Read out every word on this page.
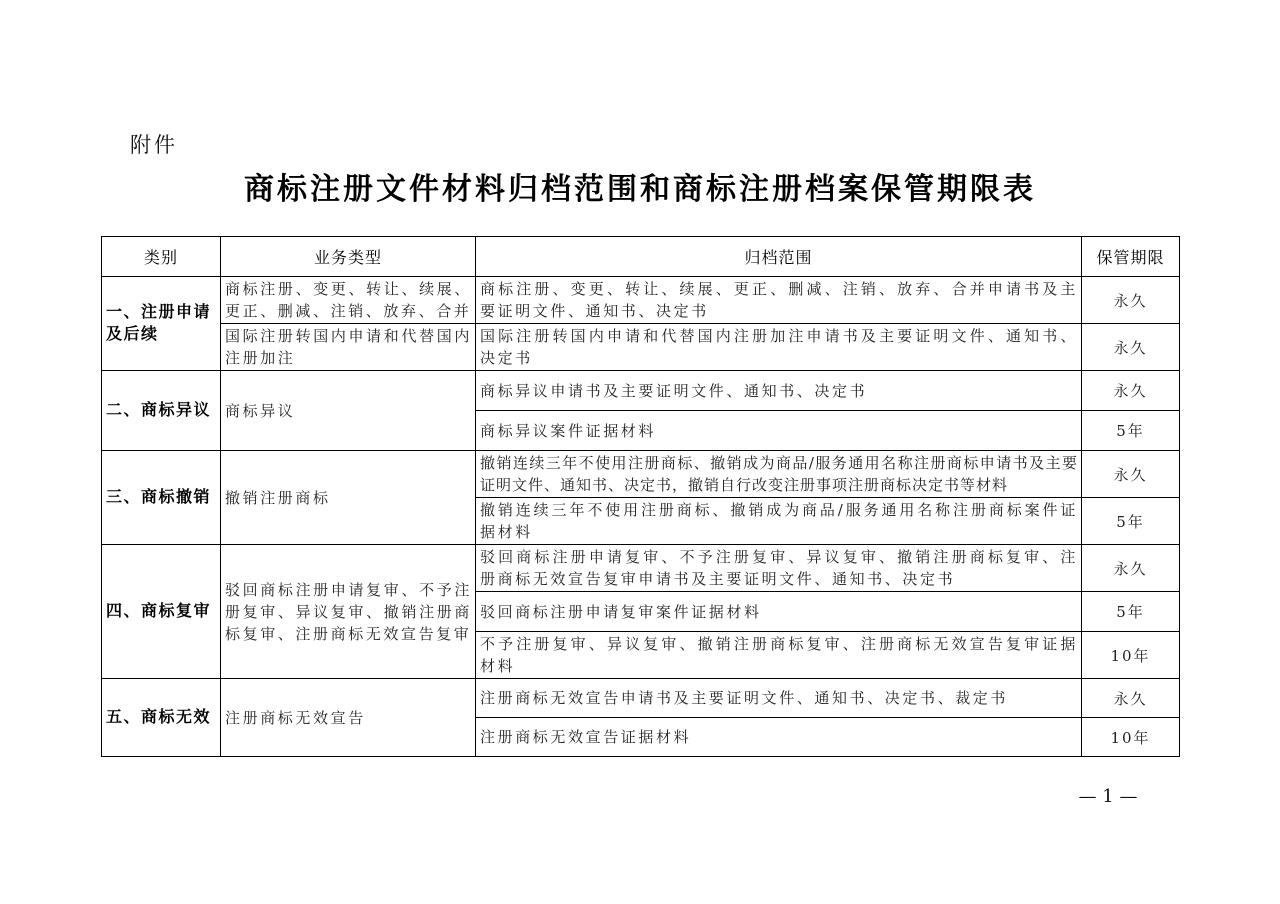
附件
商标注册文件材料归档范围和商标注册档案保管期限表
类别	业务类型	归档范围	保管期限
一、注册申请及后续	商标注册、变更、转让、续展、更正、删减、注销、放弃、合并	商标注册、变更、转让、续展、更正、删减、注销、放弃、合并申请书及主要证明文件、通知书、决定书	永久
	国际注册转国内申请和代替国内注册加注	国际注册转国内申请和代替国内注册加注申请书及主要证明文件、通知书、决定书	永久
二、商标异议	商标异议	商标异议申请书及主要证明文件、通知书、决定书	永久
		商标异议案件证据材料	5年
三、商标撤销	撤销注册商标	撤销连续三年不使用注册商标、撤销成为商品/服务通用名称注册商标申请书及主要证明文件、通知书、决定书，撤销自行改变注册事项注册商标决定书等材料	永久
		撤销连续三年不使用注册商标、撤销成为商品/服务通用名称注册商标案件证据材料	5年
四、商标复审	驳回商标注册申请复审、不予注册复审、异议复审、撤销注册商标复审、注册商标无效宣告复审	驳回商标注册申请复审、不予注册复审、异议复审、撤销注册商标复审、注册商标无效宣告复审申请书及主要证明文件、通知书、决定书	永久
		驳回商标注册申请复审案件证据材料	5年
		不予注册复审、异议复审、撤销注册商标复审、注册商标无效宣告复审证据材料	10年
五、商标无效	注册商标无效宣告	注册商标无效宣告申请书及主要证明文件、通知书、决定书、裁定书	永久
		注册商标无效宣告证据材料	10年
— 1 —
